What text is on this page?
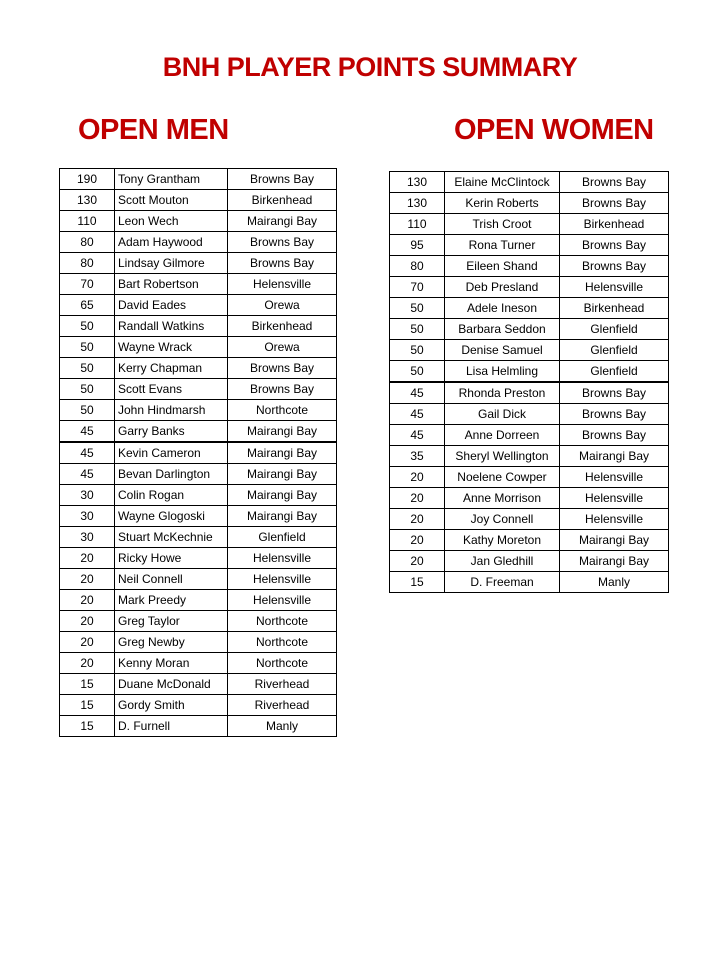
BNH PLAYER POINTS SUMMARY
OPEN MEN	OPEN WOMEN
190	Tony Grantham	Browns Bay
130	Scott Mouton	Birkenhead
110	Leon Wech	Mairangi Bay
80	Adam Haywood	Browns Bay
80	Lindsay Gilmore	Browns Bay
70	Bart Robertson	Helensville
65	David Eades	Orewa
50	Randall Watkins	Birkenhead
50	Wayne Wrack	Orewa
50	Kerry Chapman	Browns Bay
50	Scott Evans	Browns Bay
50	John Hindmarsh	Northcote
45	Garry Banks	Mairangi Bay
45	Kevin Cameron	Mairangi Bay
45	Bevan Darlington	Mairangi Bay
30	Colin Rogan	Mairangi Bay
30	Wayne Glogoski	Mairangi Bay
30	Stuart McKechnie	Glenfield
20	Ricky Howe	Helensville
20	Neil Connell	Helensville
20	Mark Preedy	Helensville
20	Greg Taylor	Northcote
20	Greg Newby	Northcote
20	Kenny Moran	Northcote
15	Duane McDonald	Riverhead
15	Gordy Smith	Riverhead
15	D. Furnell	Manly
130	Elaine McClintock	Browns Bay
130	Kerin Roberts	Browns Bay
110	Trish Croot	Birkenhead
95	Rona Turner	Browns Bay
80	Eileen Shand	Browns Bay
70	Deb Presland	Helensville
50	Adele Ineson	Birkenhead
50	Barbara Seddon	Glenfield
50	Denise Samuel	Glenfield
50	Lisa Helmling	Glenfield
45	Rhonda Preston	Browns Bay
45	Gail Dick	Browns Bay
45	Anne Dorreen	Browns Bay
35	Sheryl Wellington	Mairangi Bay
20	Noelene Cowper	Helensville
20	Anne Morrison	Helensville
20	Joy Connell	Helensville
20	Kathy Moreton	Mairangi Bay
20	Jan Gledhill	Mairangi Bay
15	D. Freeman	Manly
